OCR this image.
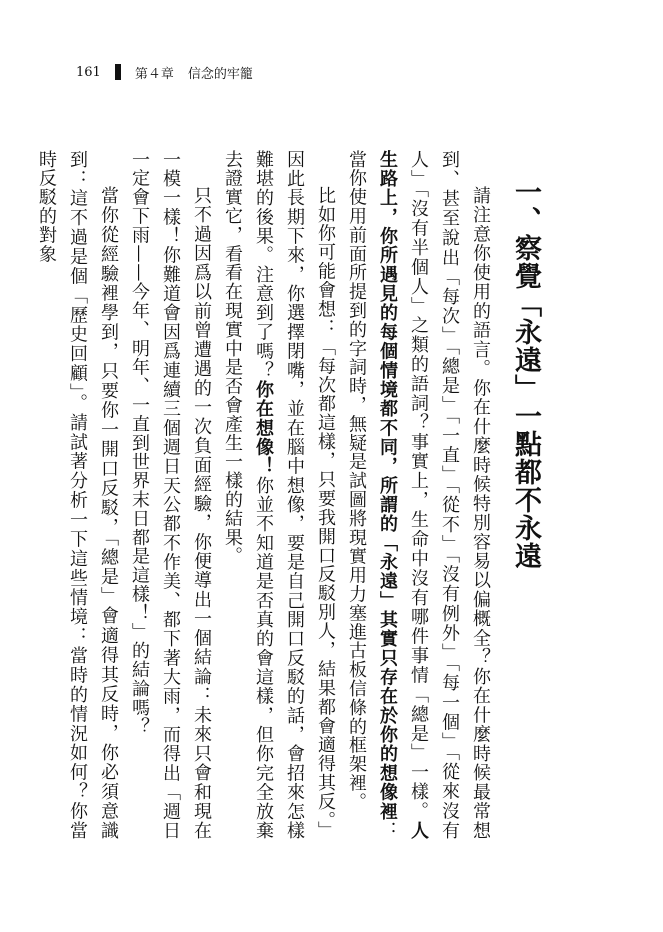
161	第４章 信念的牢籠
一、察覺「永遠」一點都不永遠

請注意你使用的語言。你在什麼時候特別容易以偏概全？你在什麼時候最常想到、甚至說出「每次」「總是」「一直」「從不」「沒有例外」「每一個」「從來沒有人」「沒有半個人」之類的語詞？事實上，生命中沒有哪件事情「總是」一樣。人生路上，你所遇見的每個情境都不同，所謂的「永遠」其實只存在於你的想像裡：當你使用前面所提到的字詞時，無疑是試圖將現實用力塞進古板信條的框架裡。

比如你可能會想：「每次都這樣，只要我開口反駁別人，結果都會適得其反。」因此長期下來，你選擇閉嘴，並在腦中想像，要是自己開口反駁的話，會招來怎樣難堪的後果。注意到了嗎？你在想像！你並不知道是否真的會這樣，但你完全放棄去證實它，看看在現實中是否會產生一樣的結果。

只不過因爲以前曾遭遇的一次負面經驗，你便導出一個結論：未來只會和現在一模一樣！你難道會因爲連續三個週日天公都不作美、都下著大雨，而得出「週日一定會下雨——今年、明年、一直到世界末日都是這樣！」的結論嗎？

當你從經驗裡學到，只要你一開口反駁，「總是」會適得其反時，你必須意識到：這不過是個「歷史回顧」。請試著分析一下這些情境：當時的情況如何？你當時反駁的對象
